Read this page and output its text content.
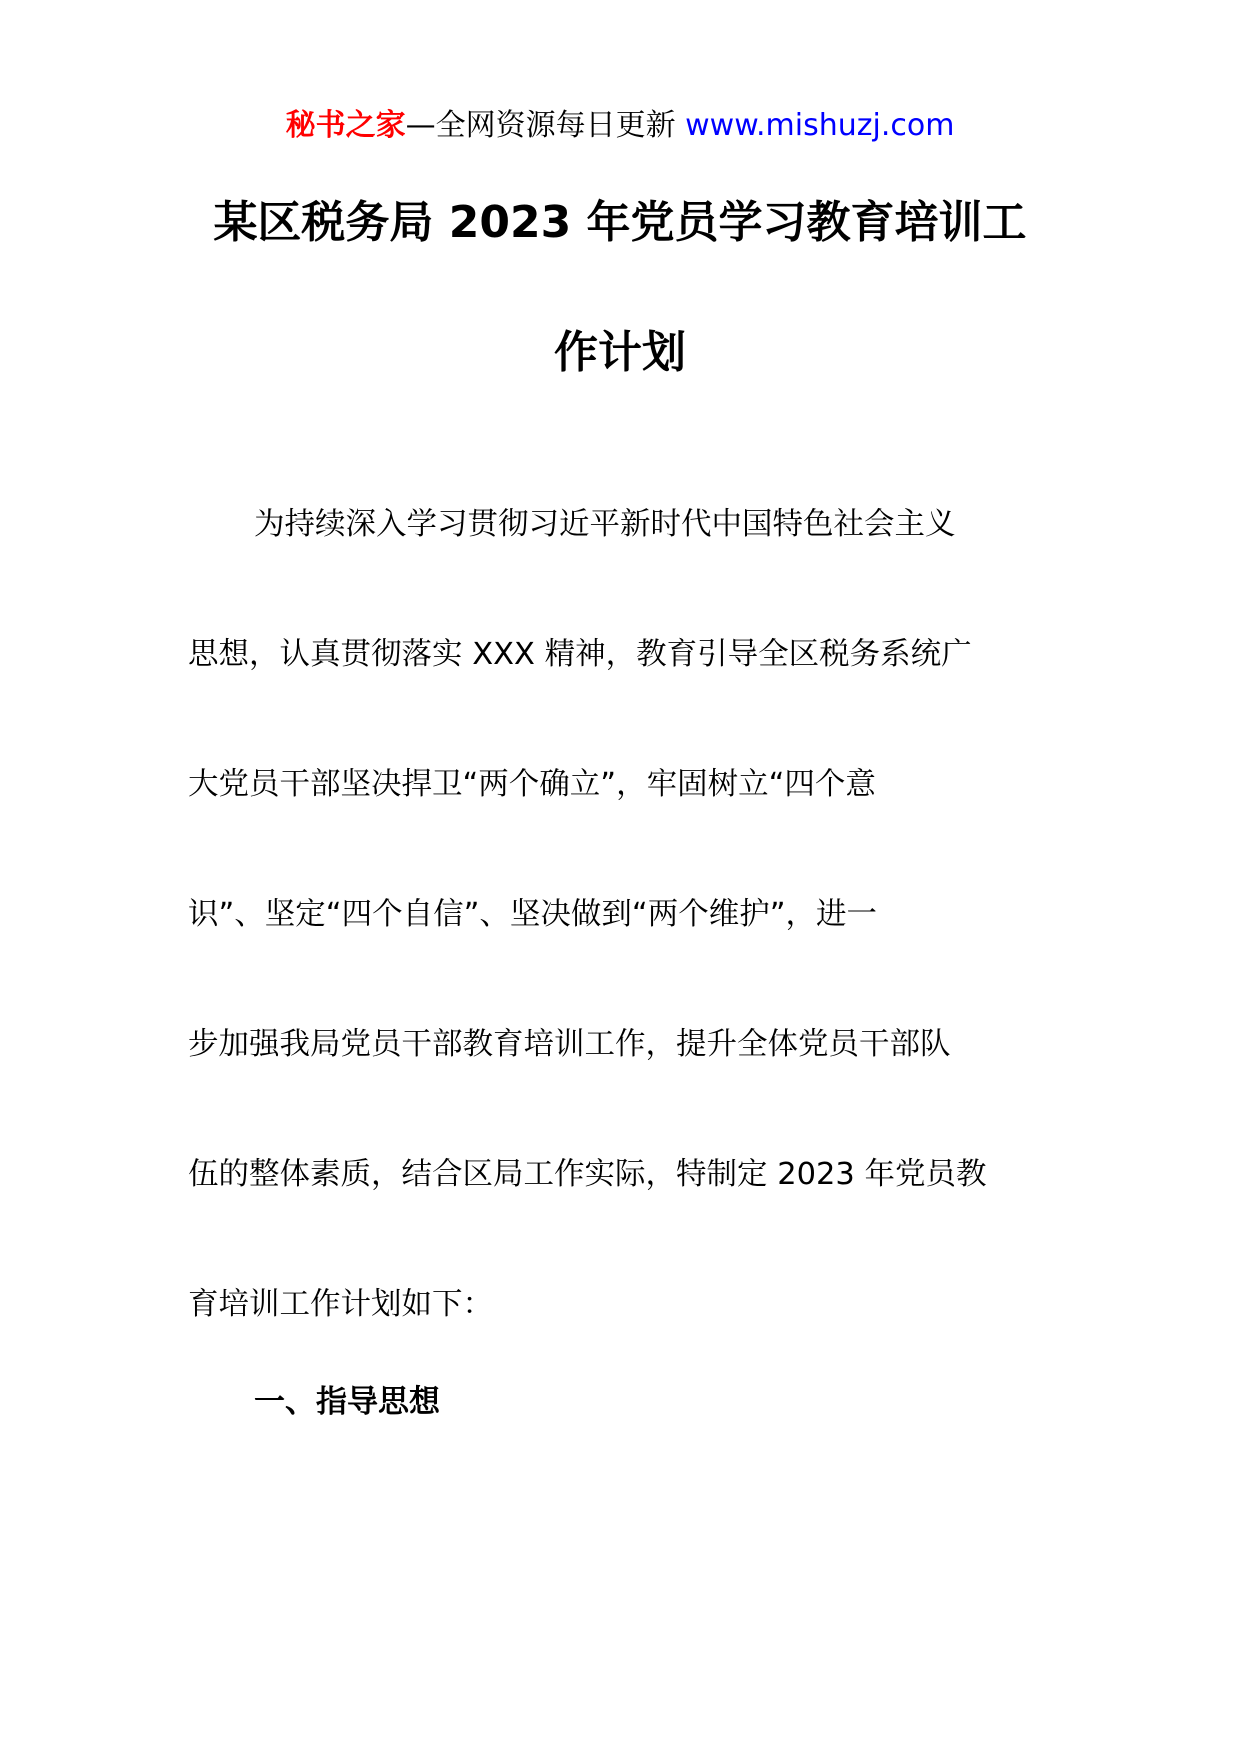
秘书之家—全网资源每日更新 www.mishuzj.com
某区税务局 2023 年党员学习教育培训工
作计划

为持续深入学习贯彻习近平新时代中国特色社会主义
思想，认真贯彻落实 XXX 精神，教育引导全区税务系统广
大党员干部坚决捍卫“两个确立”，牢固树立“四个意
识”、坚定“四个自信”、坚决做到“两个维护”，进一
步加强我局党员干部教育培训工作，提升全体党员干部队
伍的整体素质，结合区局工作实际，特制定 2023 年党员教
育培训工作计划如下：

一、指导思想
